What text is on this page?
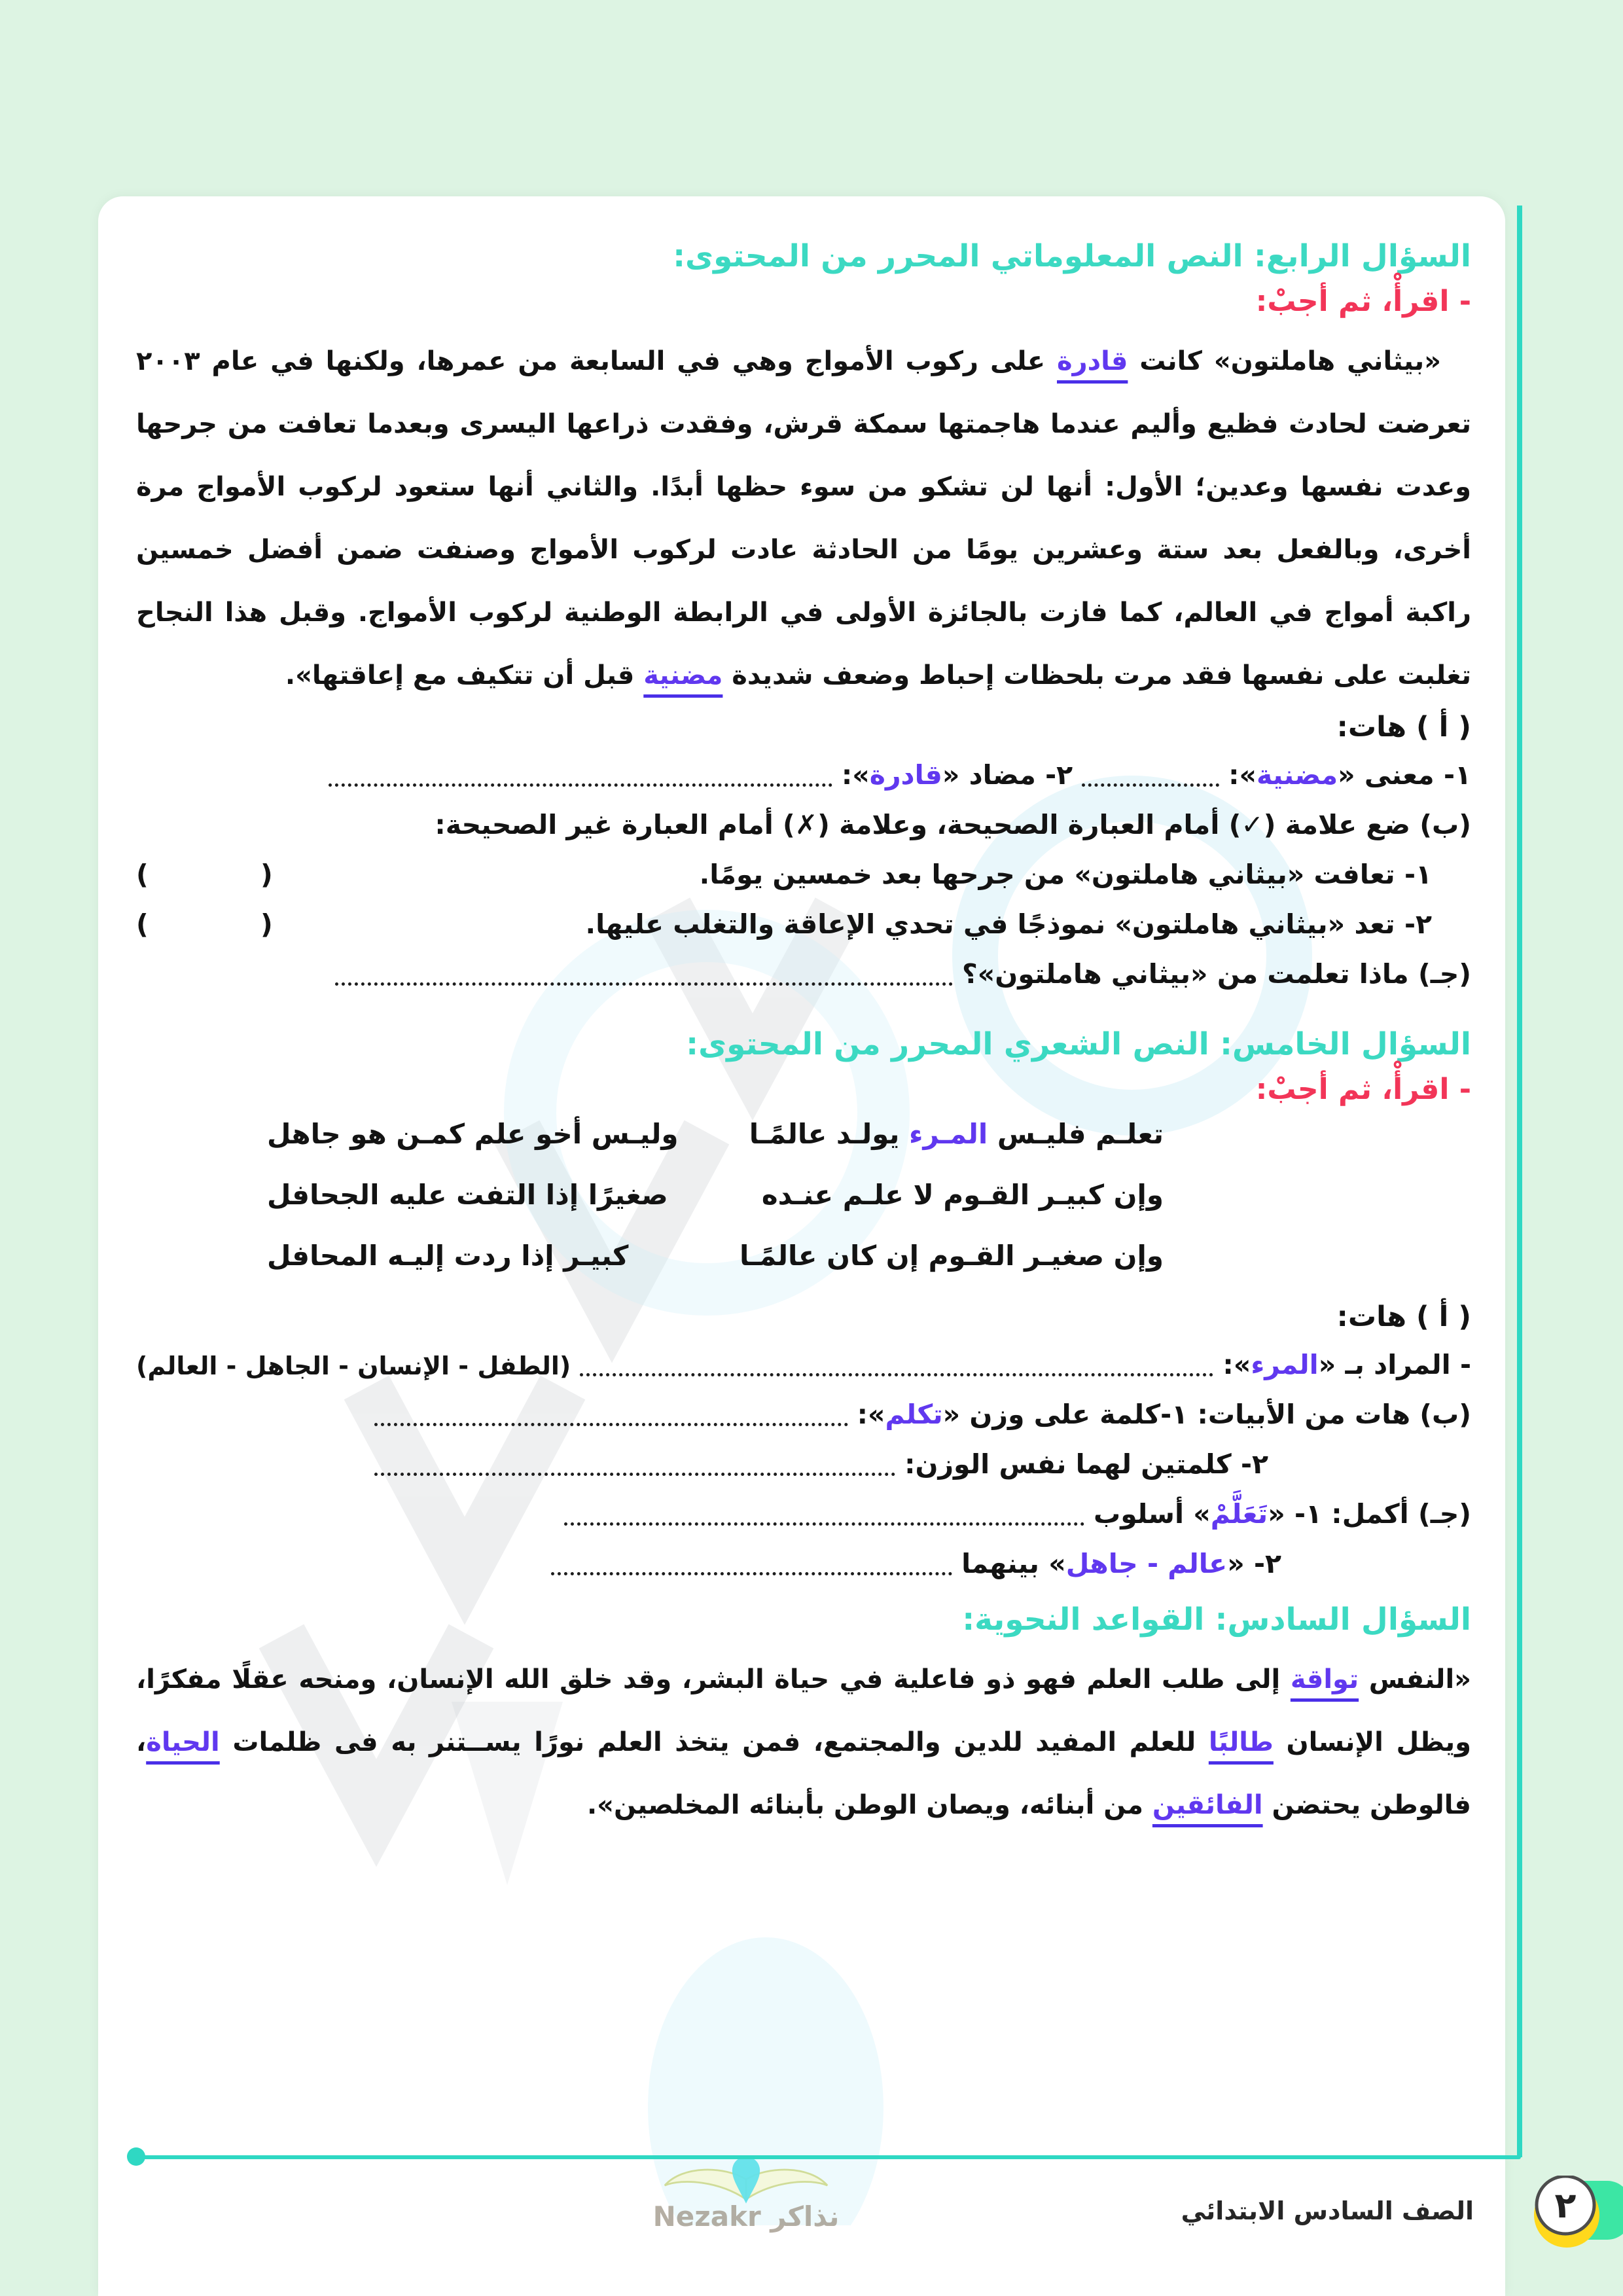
السؤال الرابع: النص المعلوماتي المحرر من المحتوى:
- اقرأْ، ثم أجبْ:

«بيثاني هاملتون» كانت قادرة على ركوب الأمواج وهي في السابعة من عمرها، ولكنها في عام ٢٠٠٣ تعرضت لحادث فظيع وأليم عندما هاجمتها سمكة قرش، وفقدت ذراعها اليسرى وبعدما تعافت من جرحها وعدت نفسها وعدين؛ الأول: أنها لن تشكو من سوء حظها أبدًا. والثاني أنها ستعود لركوب الأمواج مرة أخرى، وبالفعل بعد ستة وعشرين يومًا من الحادثة عادت لركوب الأمواج وصنفت ضمن أفضل خمسين راكبة أمواج في العالم، كما فازت بالجائزة الأولى في الرابطة الوطنية لركوب الأمواج. وقبل هذا النجاح تغلبت على نفسها فقد مرت بلحظات إحباط وضعف شديدة مضنية قبل أن تتكيف مع إعاقتها».

( أ ) هات:
١- معنى «مضنية»:
٢- مضاد «قادرة»:
(ب) ضع علامة (✓) أمام العبارة الصحيحة، وعلامة (✗) أمام العبارة غير الصحيحة:
١- تعافت «بيثاني هاملتون» من جرحها بعد خمسين يومًا.
(            )
٢- تعد «بيثاني هاملتون» نموذجًا في تحدي الإعاقة والتغلب عليها.
(            )
(جـ) ماذا تعلمت من «بيثاني هاملتون»؟
السؤال الخامس: النص الشعري المحرر من المحتوى:
- اقرأْ، ثم أجبْ:
تعلـم فليـس المـرء يولـد عالمًـا
وليـس أخو علم كمـن هو جاهل
وإن كبيـر القـوم لا علـم عنـده
صغيرًا إذا التفت عليه الجحافل
وإن صغيـر القـوم إن كان عالمًـا
كبيـر إذا ردت إليـه المحافل
( أ ) هات:
- المراد بـ «المرء»:
(الطفل - الإنسان - الجاهل - العالم)
(ب) هات من الأبيات: ١-كلمة على وزن «تكلم»:
٢- كلمتين لهما نفس الوزن:
(جـ) أكمل: ١- «تَعَلَّمْ» أسلوب
٢- «عالم - جاهل» بينهما
السؤال السادس: القواعد النحوية:

«النفس تواقة إلى طلب العلم فهو ذو فاعلية في حياة البشر، وقد خلق الله الإنسان، ومنحه عقلًا مفكرًا، ويظل الإنسان طالبًا للعلم المفيد للدين والمجتمع، فمن يتخذ العلم نورًا يســتنر به فى ظلمات الحياة، فالوطن يحتضن الفائقين من أبنائه، ويصان الوطن بأبنائه المخلصين».

نذاكر Nezakr	الصف السادس الابتدائي ٢
